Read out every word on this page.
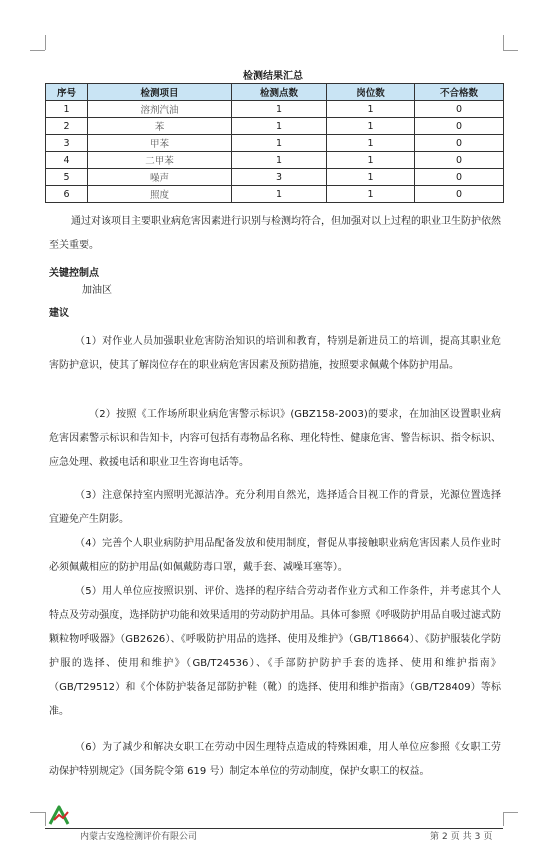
检测结果汇总
序号	检测项目	检测点数	岗位数	不合格数
1	溶剂汽油	1	1	0
2	苯	1	1	0
3	甲苯	1	1	0
4	二甲苯	1	1	0
5	噪声	3	1	0
6	照度	1	1	0
通过对该项目主要职业病危害因素进行识别与检测均符合，但加强对以上过程的职业卫生防护依然至关重要。
关键控制点
加油区
建议
（1）对作业人员加强职业危害防治知识的培训和教育，特别是新进员工的培训，提高其职业危害防护意识，使其了解岗位存在的职业病危害因素及预防措施，按照要求佩戴个体防护用品。
（2）按照《工作场所职业病危害警示标识》(GBZ158-2003)的要求，在加油区设置职业病危害因素警示标识和告知卡，内容可包括有毒物品名称、理化特性、健康危害、警告标识、指令标识、应急处理、救援电话和职业卫生咨询电话等。
（3）注意保持室内照明光源洁净。充分利用自然光，选择适合目视工作的背景，光源位置选择宜避免产生阴影。
（4）完善个人职业病防护用品配备发放和使用制度，督促从事接触职业病危害因素人员作业时必须佩戴相应的防护用品(如佩戴防毒口罩，戴手套、减噪耳塞等）。
（5）用人单位应按照识别、评价、选择的程序结合劳动者作业方式和工作条件，并考虑其个人特点及劳动强度，选择防护功能和效果适用的劳动防护用品。具体可参照《呼吸防护用品自吸过滤式防颗粒物呼吸器》（GB2626）、《呼吸防护用品的选择、使用及维护》（GB/T18664）、《防护服装化学防护服的选择、使用和维护》（GB/T24536）、《手部防护防护手套的选择、使用和维护指南》（GB/T29512）和《个体防护装备足部防护鞋（靴）的选择、使用和维护指南》（GB/T28409）等标准。
（6）为了减少和解决女职工在劳动中因生理特点造成的特殊困难，用人单位应参照《女职工劳动保护特别规定》（国务院令第 619 号）制定本单位的劳动制度，保护女职工的权益。
内蒙古安逸检测评价有限公司	第 2 页 共 3 页
